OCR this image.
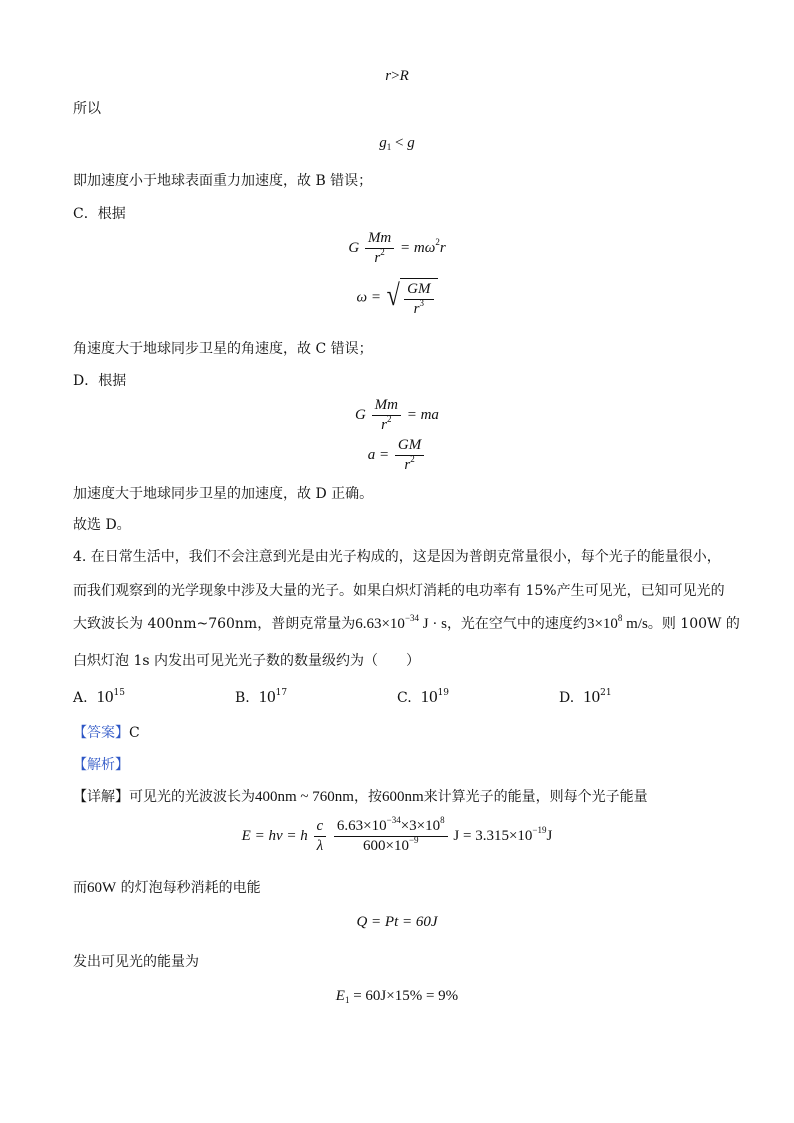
r>R
所以
$g_1 < g$
即加速度小于地球表面重力加速度，故 B 错误；
C．根据
G $\frac{Mm}{r^2} = m\omega^2r$
ω = √ $\frac{GM}{r^3}$
角速度大于地球同步卫星的角速度，故 C 错误；
D．根据
G $\frac{Mm}{r^2}$ = ma
$a = \frac{GM}{r^2}$
加速度大于地球同步卫星的加速度，故 D 正确。
故选 D。
4. 在日常生活中，我们不会注意到光是由光子构成的，这是因为普朗克常量很小，每个光子的能量很小，
而我们观察到的光学现象中涉及大量的光子。如果白炽灯消耗的电功率有 15%产生可见光，已知可见光的
大致波长为 400nm~760nm，普朗克常量为$6.63\times 10^{-34}$ J · s，光在空气中的速度约$3\times 10^8$ m/s。则 100W 的
白炽灯泡 1s 内发出可见光光子数的数量级约为（　　）
A. $10^{15}$	B. $10^{17}$	C. $10^{19}$	D. $10^{21}$
【答案】C
【解析】
【详解】可见光的光波波长为400nm ~ 760nm，按600nm来计算光子的能量，则每个光子能量
E = hν = h $\frac{c}{\lambda}$
$\frac{6.63\times 10^{-34}\times 3\times 10^8}{600\times 10^{-9}}$ $J = 3.315\times 10^{-19}J$
而60W 的灯泡每秒消耗的电能
Q = Pt = 60J
发出可见光的能量为
$E_1 = 60J\times 15\% = 9\%$
